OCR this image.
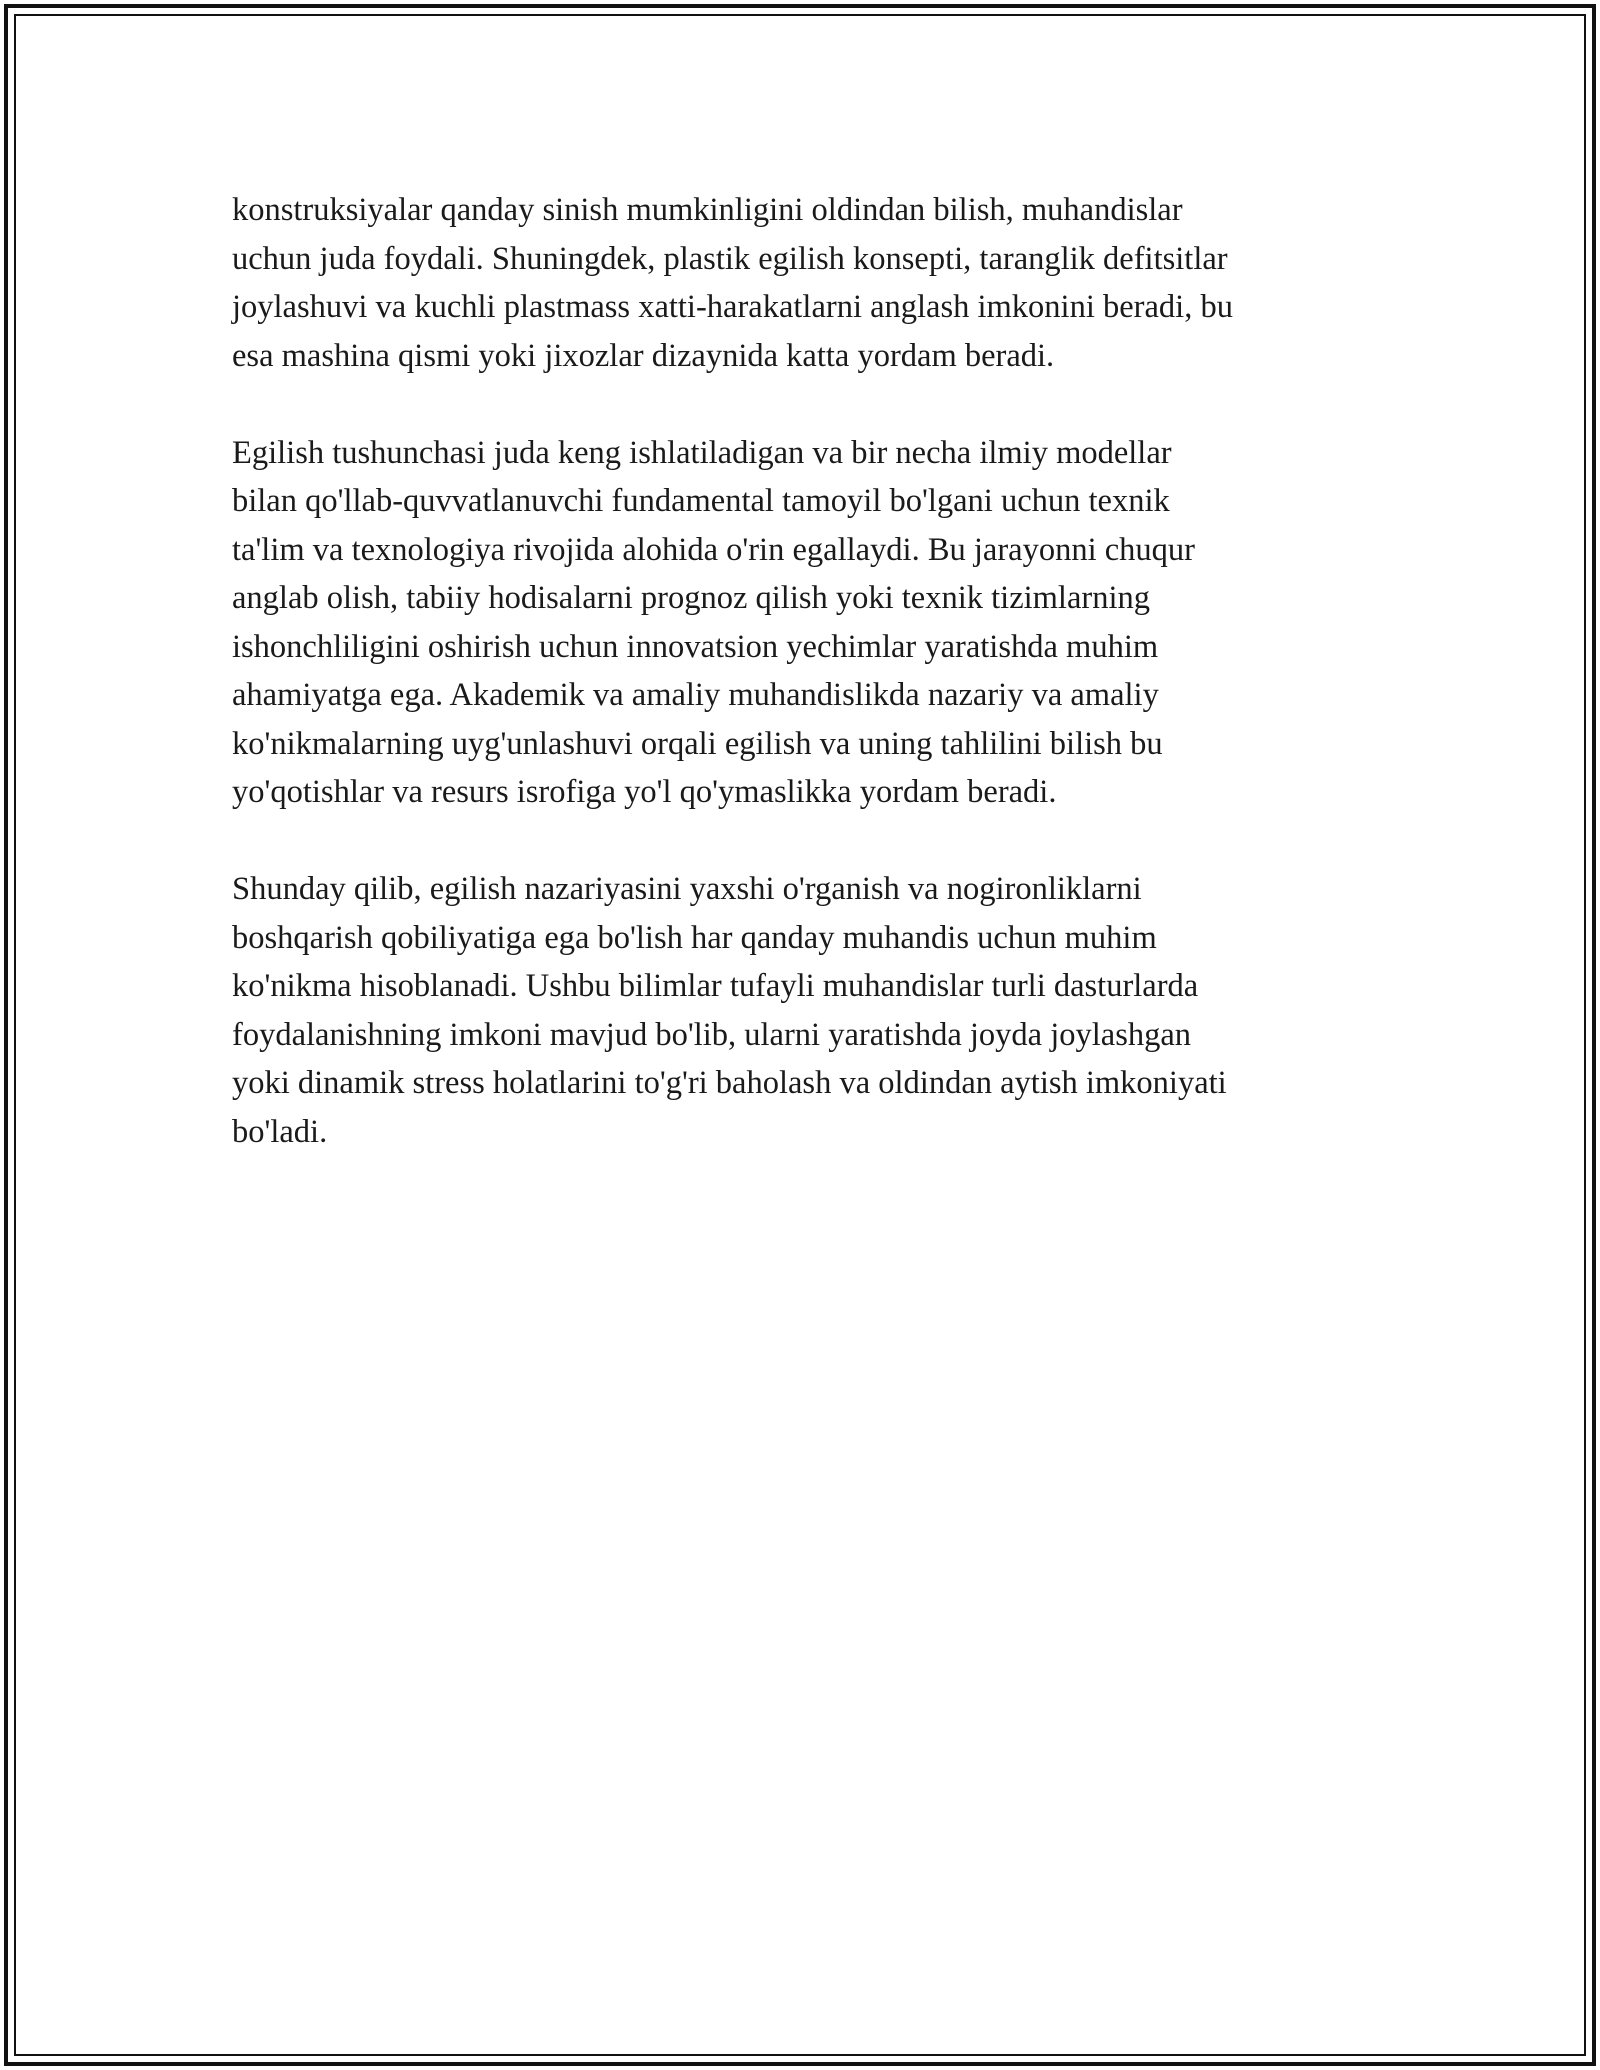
konstruksiyalar qanday sinish mumkinligini oldindan bilish, muhandislar
uchun juda foydali. Shuningdek, plastik egilish konsepti, taranglik defitsitlar
joylashuvi va kuchli plastmass xatti-harakatlarni anglash imkonini beradi, bu
esa mashina qismi yoki jixozlar dizaynida katta yordam beradi.

Egilish tushunchasi juda keng ishlatiladigan va bir necha ilmiy modellar
bilan qo'llab-quvvatlanuvchi fundamental tamoyil bo'lgani uchun texnik
ta'lim va texnologiya rivojida alohida o'rin egallaydi. Bu jarayonni chuqur
anglab olish, tabiiy hodisalarni prognoz qilish yoki texnik tizimlarning
ishonchliligini oshirish uchun innovatsion yechimlar yaratishda muhim
ahamiyatga ega. Akademik va amaliy muhandislikda nazariy va amaliy
ko'nikmalarning uyg'unlashuvi orqali egilish va uning tahlilini bilish bu
yo'qotishlar va resurs isrofiga yo'l qo'ymaslikka yordam beradi.

Shunday qilib, egilish nazariyasini yaxshi o'rganish va nogironliklarni
boshqarish qobiliyatiga ega bo'lish har qanday muhandis uchun muhim
ko'nikma hisoblanadi. Ushbu bilimlar tufayli muhandislar turli dasturlarda
foydalanishning imkoni mavjud bo'lib, ularni yaratishda joyda joylashgan
yoki dinamik stress holatlarini to'g'ri baholash va oldindan aytish imkoniyati
bo'ladi.
